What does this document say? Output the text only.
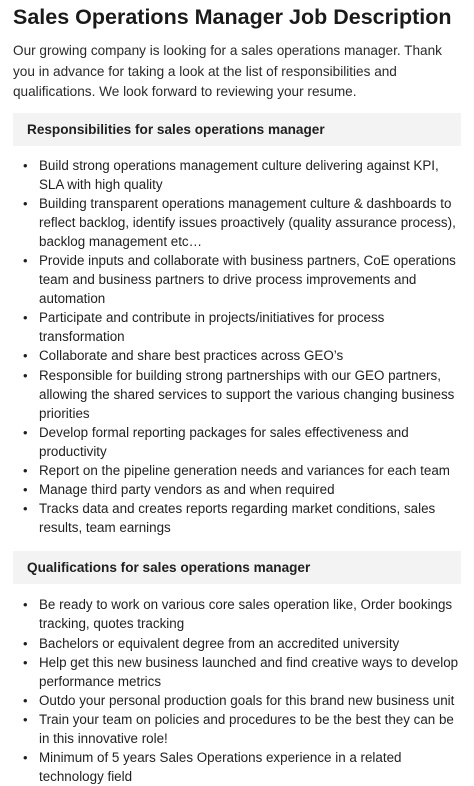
Sales Operations Manager Job Description

Our growing company is looking for a sales operations manager. Thank you in advance for taking a look at the list of responsibilities and qualifications. We look forward to reviewing your resume.

Responsibilities for sales operations manager
• Build strong operations management culture delivering against KPI, SLA with high quality
• Building transparent operations management culture & dashboards to reflect backlog, identify issues proactively (quality assurance process), backlog management etc…
• Provide inputs and collaborate with business partners, CoE operations team and business partners to drive process improvements and automation
• Participate and contribute in projects/initiatives for process transformation
• Collaborate and share best practices across GEO’s
• Responsible for building strong partnerships with our GEO partners, allowing the shared services to support the various changing business priorities
• Develop formal reporting packages for sales effectiveness and productivity
• Report on the pipeline generation needs and variances for each team
• Manage third party vendors as and when required
• Tracks data and creates reports regarding market conditions, sales results, team earnings
Qualifications for sales operations manager
• Be ready to work on various core sales operation like, Order bookings tracking, quotes tracking
• Bachelors or equivalent degree from an accredited university
• Help get this new business launched and find creative ways to develop performance metrics
• Outdo your personal production goals for this brand new business unit
• Train your team on policies and procedures to be the best they can be in this innovative role!
• Minimum of 5 years Sales Operations experience in a related technology field
